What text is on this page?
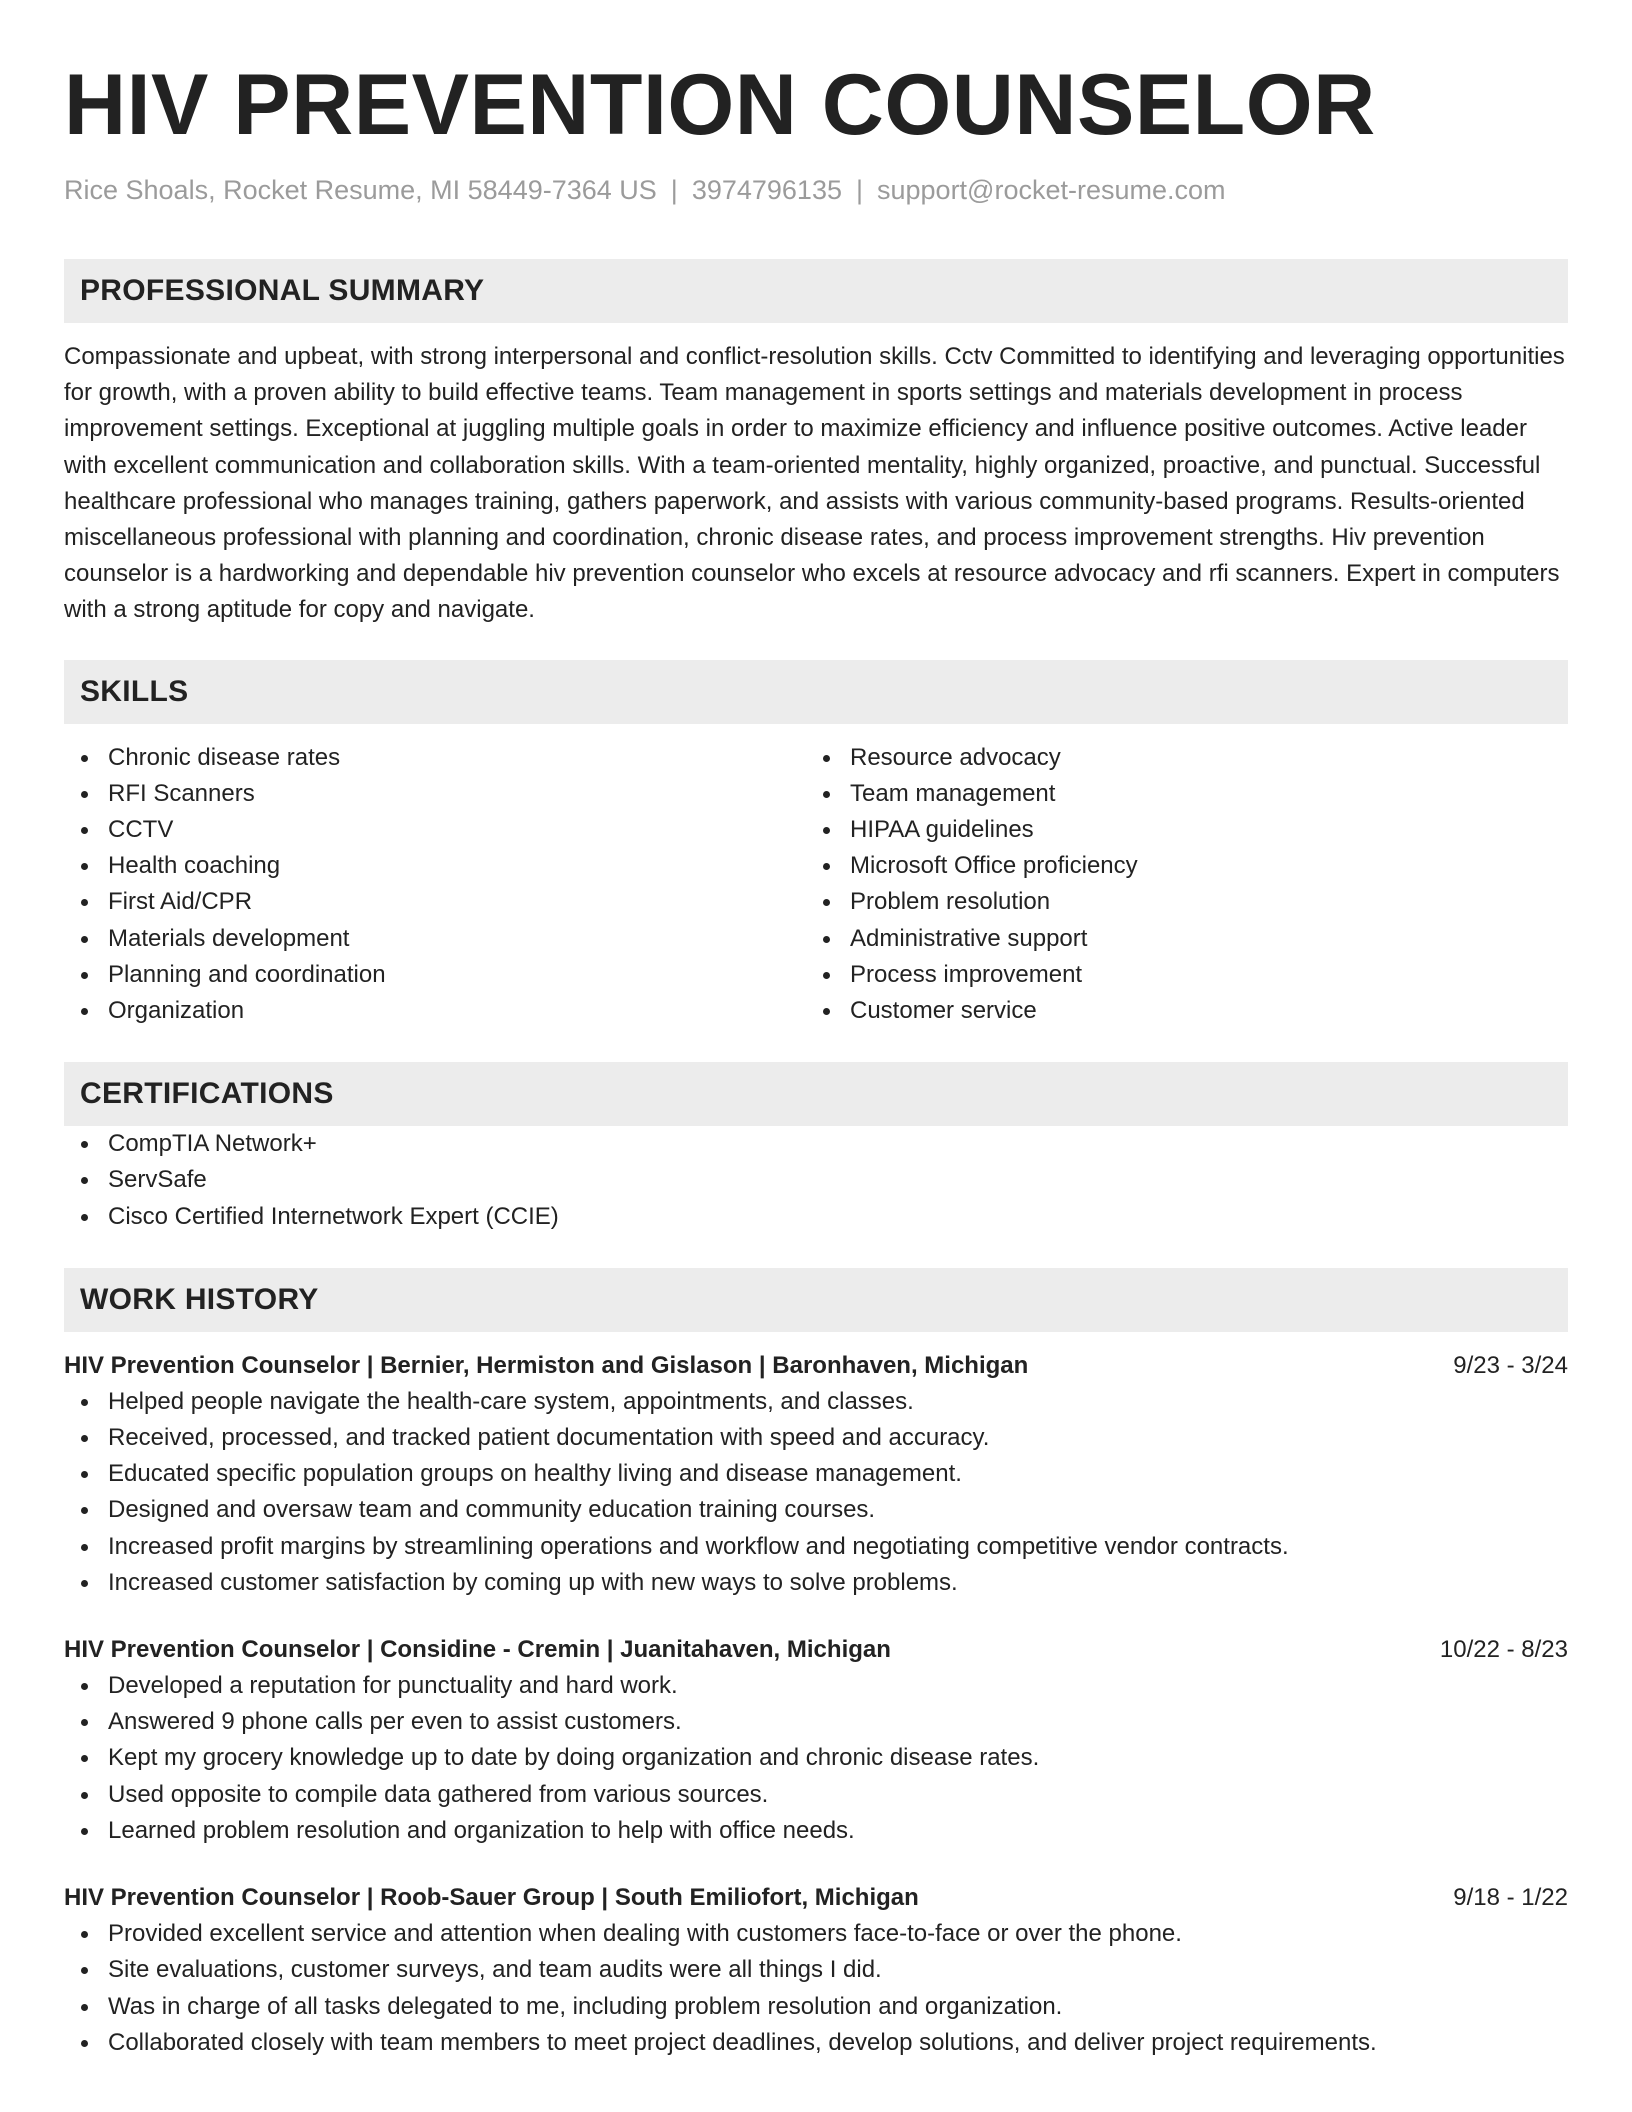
HIV PREVENTION COUNSELOR
Rice Shoals, Rocket Resume, MI 58449-7364 US | 3974796135 | support@rocket-resume.com
PROFESSIONAL SUMMARY

Compassionate and upbeat, with strong interpersonal and conflict-resolution skills. Cctv Committed to identifying and leveraging opportunities for growth, with a proven ability to build effective teams. Team management in sports settings and materials development in process improvement settings. Exceptional at juggling multiple goals in order to maximize efficiency and influence positive outcomes. Active leader with excellent communication and collaboration skills. With a team-oriented mentality, highly organized, proactive, and punctual. Successful healthcare professional who manages training, gathers paperwork, and assists with various community-based programs. Results-oriented miscellaneous professional with planning and coordination, chronic disease rates, and process improvement strengths. Hiv prevention counselor is a hardworking and dependable hiv prevention counselor who excels at resource advocacy and rfi scanners. Expert in computers with a strong aptitude for copy and navigate.

SKILLS
Chronic disease rates
RFI Scanners
CCTV
Health coaching
First Aid/CPR
Materials development
Planning and coordination
Organization
Resource advocacy
Team management
HIPAA guidelines
Microsoft Office proficiency
Problem resolution
Administrative support
Process improvement
Customer service
CERTIFICATIONS
CompTIA Network+
ServSafe
Cisco Certified Internetwork Expert (CCIE)
WORK HISTORY
HIV Prevention Counselor | Bernier, Hermiston and Gislason | Baronhaven, Michigan	9/23 - 3/24
Helped people navigate the health-care system, appointments, and classes.
Received, processed, and tracked patient documentation with speed and accuracy.
Educated specific population groups on healthy living and disease management.
Designed and oversaw team and community education training courses.
Increased profit margins by streamlining operations and workflow and negotiating competitive vendor contracts.
Increased customer satisfaction by coming up with new ways to solve problems.
HIV Prevention Counselor | Considine - Cremin | Juanitahaven, Michigan	10/22 - 8/23
Developed a reputation for punctuality and hard work.
Answered 9 phone calls per even to assist customers.
Kept my grocery knowledge up to date by doing organization and chronic disease rates.
Used opposite to compile data gathered from various sources.
Learned problem resolution and organization to help with office needs.
HIV Prevention Counselor | Roob-Sauer Group | South Emiliofort, Michigan	9/18 - 1/22
Provided excellent service and attention when dealing with customers face-to-face or over the phone.
Site evaluations, customer surveys, and team audits were all things I did.
Was in charge of all tasks delegated to me, including problem resolution and organization.
Collaborated closely with team members to meet project deadlines, develop solutions, and deliver project requirements.
